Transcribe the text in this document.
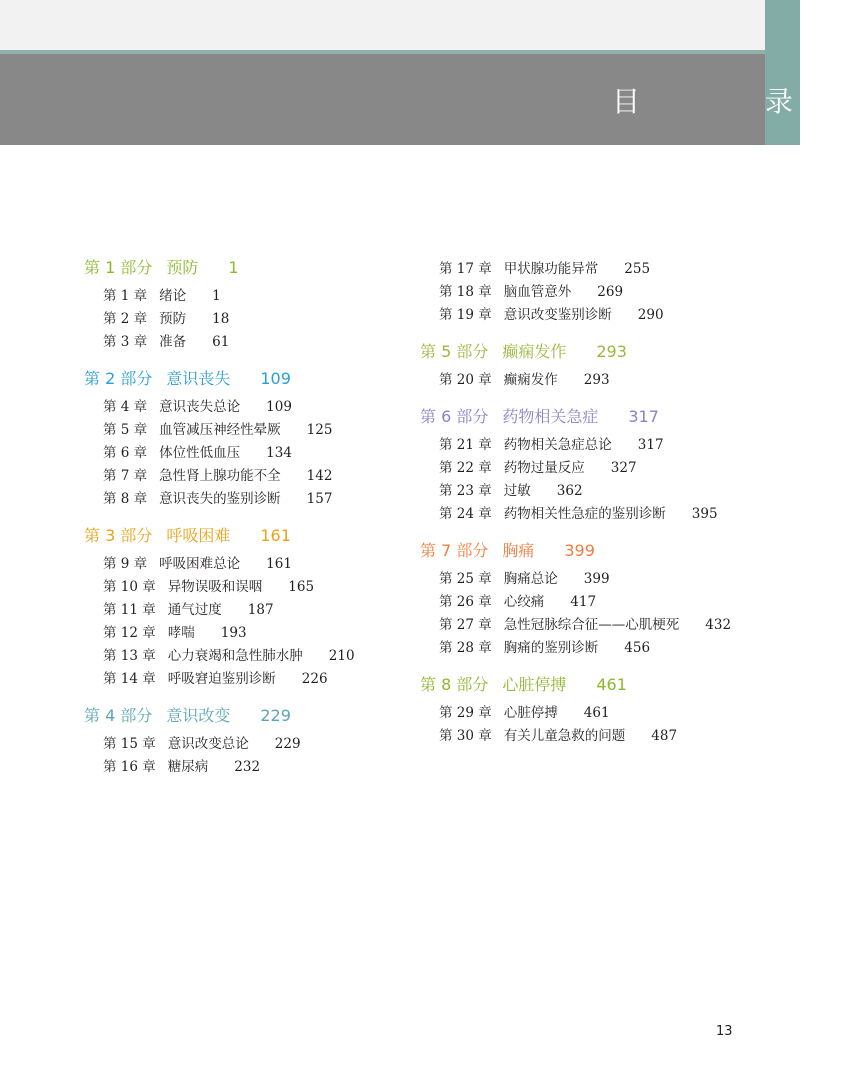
目 录
第 1 部分 预防 1
第 1 章 绪论 1
第 2 章 预防 18
第 3 章 准备 61
第 2 部分 意识丧失 109
第 4 章 意识丧失总论 109
第 5 章 血管减压神经性晕厥 125
第 6 章 体位性低血压 134
第 7 章 急性肾上腺功能不全 142
第 8 章 意识丧失的鉴别诊断 157
第 3 部分 呼吸困难 161
第 9 章 呼吸困难总论 161
第 10 章 异物误吸和误咽 165
第 11 章 通气过度 187
第 12 章 哮喘 193
第 13 章 心力衰竭和急性肺水肿 210
第 14 章 呼吸窘迫鉴别诊断 226
第 4 部分 意识改变 229
第 15 章 意识改变总论 229
第 16 章 糖尿病 232
第 17 章 甲状腺功能异常 255
第 18 章 脑血管意外 269
第 19 章 意识改变鉴别诊断 290
第 5 部分 癫痫发作 293
第 20 章 癫痫发作 293
第 6 部分 药物相关急症 317
第 21 章 药物相关急症总论 317
第 22 章 药物过量反应 327
第 23 章 过敏 362
第 24 章 药物相关性急症的鉴别诊断 395
第 7 部分 胸痛 399
第 25 章 胸痛总论 399
第 26 章 心绞痛 417
第 27 章 急性冠脉综合征——心肌梗死 432
第 28 章 胸痛的鉴别诊断 456
第 8 部分 心脏停搏 461
第 29 章 心脏停搏 461
第 30 章 有关儿童急救的问题 487
13
